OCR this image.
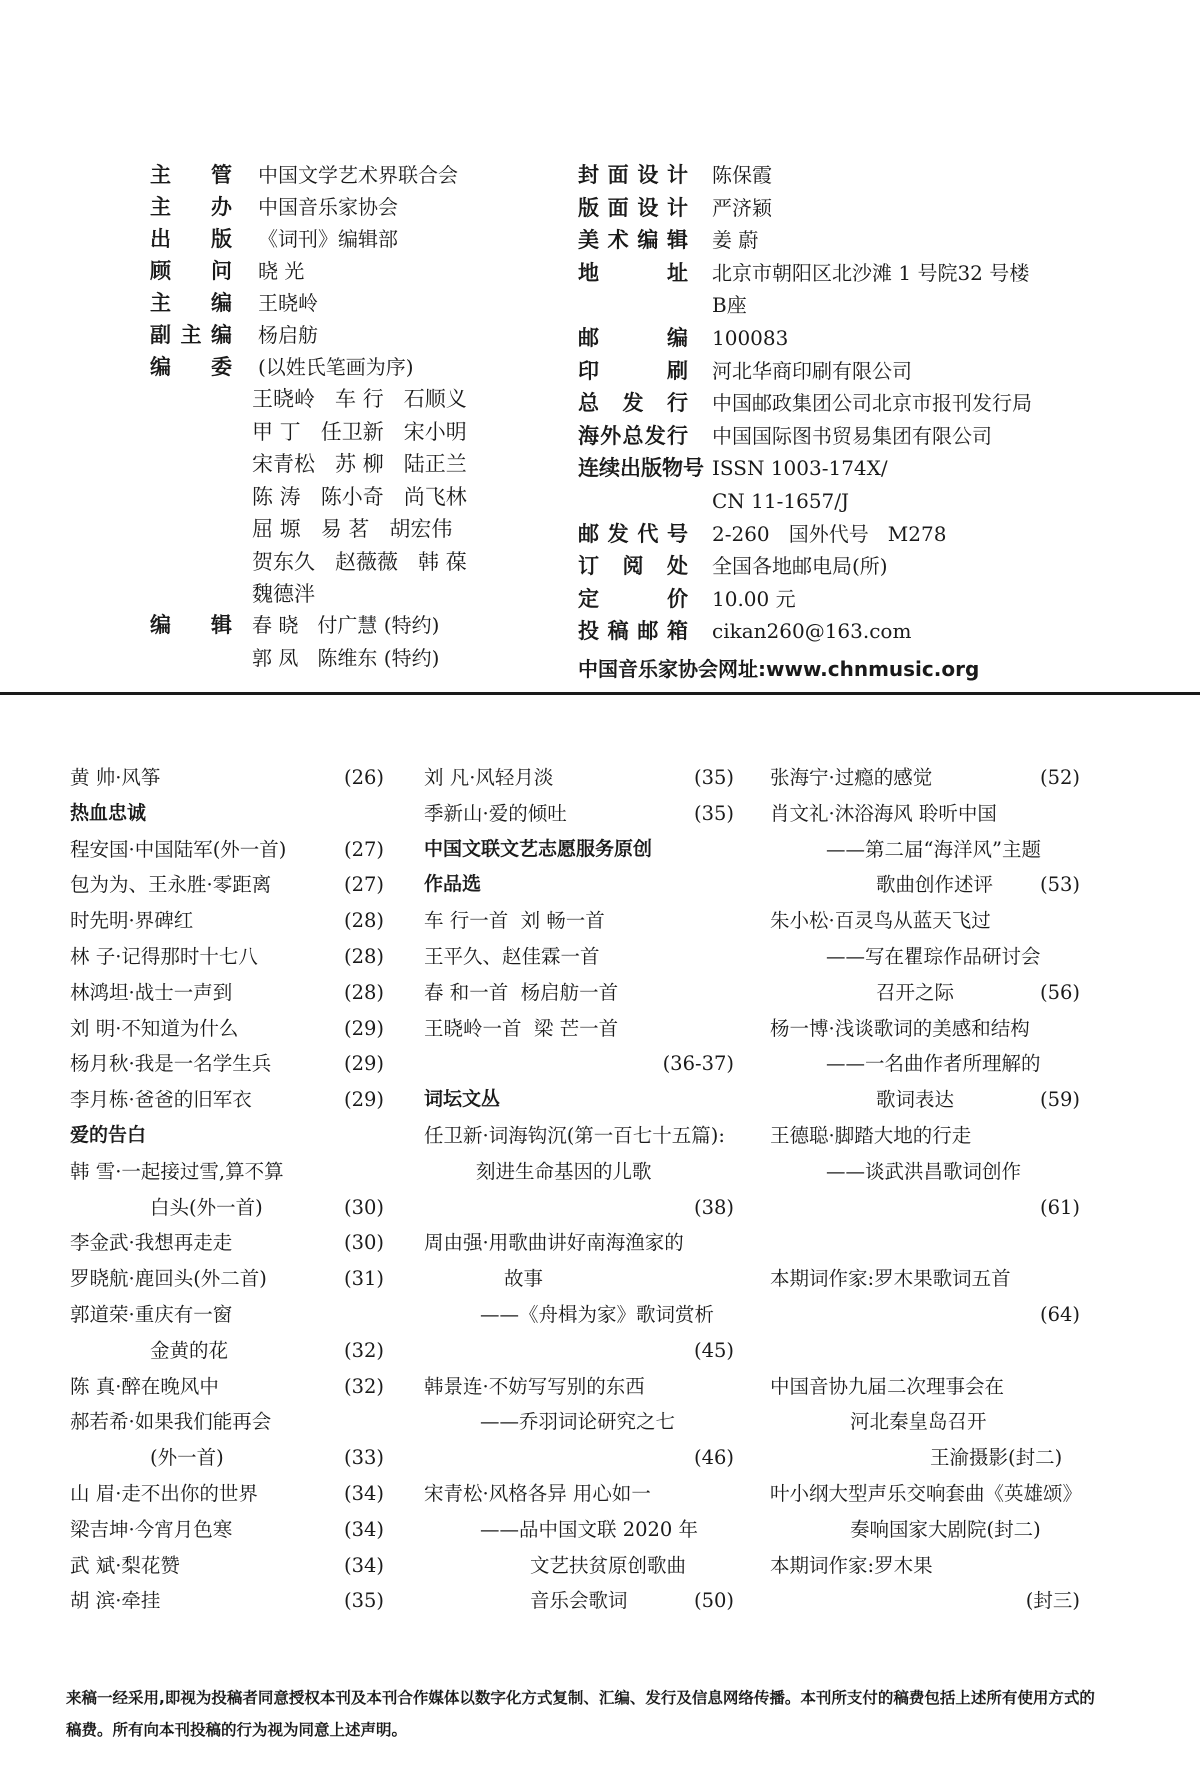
主 管 中国文学艺术界联合会
主 办 中国音乐家协会
出 版 《词刊》编辑部
顾 问 晓 光
主 编 王晓岭
副 主 编 杨启舫
编 委 (以姓氏笔画为序)
王晓岭   车 行   石顺义
甲 丁   任卫新   宋小明
宋青松   苏 柳   陆正兰
陈 涛   陈小奇   尚飞林
屈 塬   易 茗   胡宏伟
贺东久   赵薇薇   韩 葆
魏德泮
编 辑 春 晓   付广慧 (特约)
郭 凤   陈维东 (特约)
封 面 设 计 陈保霞
版 面 设 计 严济颖
美 术 编 辑 姜 蔚
地	址 北京市朝阳区北沙滩 1 号院32 号楼
B座
邮	编 100083
印	刷 河北华商印刷有限公司
总 发 行 中国邮政集团公司北京市报刊发行局
海 外 总 发 行 中国国际图书贸易集团有限公司
连 续 出 版 物 号 ISSN 1003-174X/
CN 11-1657/J
邮 发 代 号 2-260   国外代号   M278
订 阅 处 全国各地邮电局(所)
定	价 10.00 元
投 稿 邮 箱 cikan260@163.com
中国音乐家协会网址:www.chnmusic.org
黄 帅·风筝	(26)
热血忠诚
程安国·中国陆军(外一首)	(27)
包为为、王永胜·零距离	(27)
时先明·界碑红	(28)
林 子·记得那时十七八	(28)
林鸿坦·战士一声到	(28)
刘 明·不知道为什么	(29)
杨月秋·我是一名学生兵	(29)
李月栋·爸爸的旧军衣	(29)
爱的告白
韩 雪·一起接过雪,算不算
白头(外一首)	(30)
李金武·我想再走走	(30)
罗晓航·鹿回头(外二首)	(31)
郭道荣·重庆有一窗
金黄的花	(32)
陈 真·醉在晚风中	(32)
郝若希·如果我们能再会
(外一首)	(33)
山 眉·走不出你的世界	(34)
梁吉坤·今宵月色寒	(34)
武 斌·梨花赞	(34)
胡 滨·牵挂	(35)
刘 凡·风轻月淡	(35)
季新山·爱的倾吐	(35)
中国文联文艺志愿服务原创
作品选
车 行一首  刘 畅一首
王平久、赵佳霖一首
春 和一首  杨启舫一首
王晓岭一首  梁 芒一首
(36-37)
词坛文丛
任卫新·词海钩沉(第一百七十五篇):
刻进生命基因的儿歌
(38)
周由强·用歌曲讲好南海渔家的
故事
——《舟楫为家》歌词赏析
(45)
韩景连·不妨写写别的东西
——乔羽词论研究之七
(46)
宋青松·风格各异 用心如一
——品中国文联 2020 年
文艺扶贫原创歌曲
音乐会歌词	(50)
张海宁·过瘾的感觉	(52)
肖文礼·沐浴海风 聆听中国
——第二届“海洋风”主题
歌曲创作述评	(53)
朱小松·百灵鸟从蓝天飞过
——写在瞿琮作品研讨会
召开之际	(56)
杨一博·浅谈歌词的美感和结构
——一名曲作者所理解的
歌词表达	(59)
王德聪·脚踏大地的行走
——谈武洪昌歌词创作
(61)
本期词作家:罗木果歌词五首
(64)
中国音协九届二次理事会在
河北秦皇岛召开
王渝摄影(封二)
叶小纲大型声乐交响套曲《英雄颂》
奏响国家大剧院(封二)
本期词作家:罗木果
(封三)
来稿一经采用,即视为投稿者同意授权本刊及本刊合作媒体以数字化方式复制、汇编、发行及信息网络传播。本刊所支付的稿费包括上述所有使用方式的稿费。所有向本刊投稿的行为视为同意上述声明。
